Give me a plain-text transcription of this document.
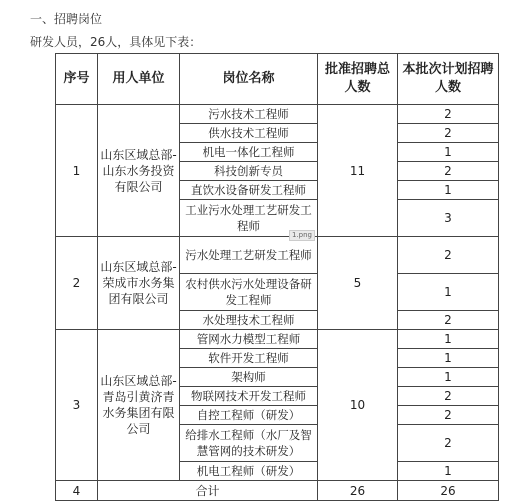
一、招聘岗位
研发人员，26人，具体见下表：
序号	用人单位	岗位名称	批准招聘总人数	本批次计划招聘人数
1	山东区域总部-山东水务投资有限公司	污水技术工程师	11	2
		供水技术工程师		2
		机电一体化工程师		1
		科技创新专员		2
		直饮水设备研发工程师		1
		工业污水处理工艺研发工程师		3
2	山东区域总部-荣成市水务集团有限公司	污水处理工艺研发工程师	5	2
		农村供水污水处理设备研发工程师		1
		水处理技术工程师		2
3	山东区域总部-青岛引黄济青水务集团有限公司	管网水力模型工程师	10	1
		软件开发工程师		1
		架构师		1
		物联网技术开发工程师		2
		自控工程师（研发）		2
		给排水工程师（水厂及智慧管网的技术研发）		2
		机电工程师（研发）		1
4	合计		26	26
1.png
